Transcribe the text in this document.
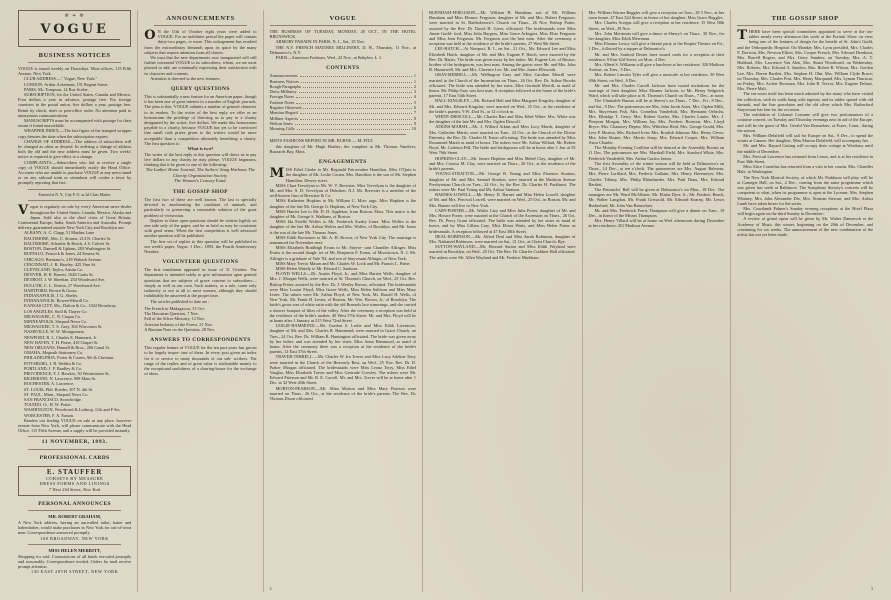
✻ ❧ ✻
VOGUE
BUSINESS NOTICES

VOGUE is issued weekly on Thursdays. Most offices, 115 Fifth Avenue, New York.

CLUB ADDRESS.—" Vogue, New York."

LONDON: Arthur Ackerman, 191 Regent Street.

PARIS: Mr. Tompson, 14 Rue Scribe.

SUBSCRIPTION, for the United States, Canada and Mexico, Four dollars a year in advance, postage free. For foreign countries in the postal union, five dollars a year, postage free. Remit by check, draft or post-office order. No attention paid to anonymous communications.

MANUSCRIPTS must be accompanied with postage for their return if found unavailable.

WRAPPER INDEX.—The last figure of the stamped wrapper copy denotes the time when the subscription expires.

CHANGE OF ADDRESS.—The address of subscribers will be changed as often as desired. In ordering a change of address both the old and the new address must be given. Two weeks' notice is required to give effect to a change.

COMPLAINTS.—Subscribers who fail to receive a single copy of VOGUE should immediately notify the Head Office. Accounts who are unable to purchase VOGUE at any news-stand or on any railroad train or steamboat will confer a favor by promptly reporting that fact.

Entered at N. Y., City P. O. as 2d Class Matter.

Vogue is regularly on sale by every American news-dealer throughout the United States, Canada, Mexico, Alaska and Japan. Sold also to the chief cities of Great Britain, Continental Europe, India, South America and Australia. Prompt delivery guaranteed outside New York City and Brooklyn are:

ALBANY, A. C. Clapp, 51 Maiden Lane.

BALTIMORE, Mrs. C. Strauss, 214 N. Charles St.

BALTIMORE, Schaefer & Reach, 4 S. Calvert St.

BOSTON, Damrell & Upham, 283 Washington St.

BUFFALO, Peacock & Jones, 24 Seneca St.

CHICAGO, Brentano's, 218 Wabash Avenue.

CINCINNATI, J. R. Hawley, 425 Vine St.

CLEVELAND, Taylor, Austin Co.

DENVER, H. R. Barrett, 1628 Curtis St.

DETROIT, J. W. Sheehan, 254 Woodward Ave.

DULUTH, C. L. Norton, 27 Woodward Ave.

HARTFORD, Brown & Gross.

INDIANAPOLIS, J. G. Abeles.

INDIANAPOLIS, Bowen-Merrill Co.

KANSAS CITY, Mo., Dalton & Co., 1042 Broadway.

LOS ANGELES, Stoll & Thayer Co.

MILWAUKEE, C. N. Caspar Co.

MINNEAPOLIS, Shepard News Co.

MILWAUKEE, T. S. Gray, 304 Wisconsin St.

NASHVILLE, W. W. Montgomery.

NEWPORT, R. I., Charles E. Hammett, Jr.

NEW HAVEN, T. H. Pease, 410 Chapel St.

NEW ORLEANS, Hansell & Bros., 206 Canal St.

OMAHA, Megeath Stationery Co.

PHILADELPHIA, Porter & Coates, 9th & Chestnut.

PITTSBURG, J. R. Weldin & Co.

PORTLAND, J. F. Bradley & Co.

PROVIDENCE, F. J. Hawkes, 50 Westminster St.

RICHMOND, N. Lawrence, 908 Main St.

ROCHESTER, A. Lawrence.

ST. LOUIS, Phil. Roeder, 307 N. 4th St.

ST. PAUL, Minn., Shepard News Co.

SAN FRANCISCO, Strawbridge.

TOLEDO, O., H. W. Potter.

WASHINGTON, Woodward & Lothrop, 11th and F Sts.

WORCESTER, F. A. Easton.

Readers not finding VOGUE on sale at any place, however remote from New York, will please communicate with the Head Office, 115 Fifth Avenue, and a supply will be provided instantly.

11 NOVEMBER, 1893.

PROFESSIONAL CARDS

E. STAUFFER

CORSETS BY MEASURE

DRESS FORMS AND LININGS

7 West 23d Street, New York

PERSONAL ANNOUNCES

MR. ROBERT GRAHAM,

A New York address, having an unrivalled tailor, hatter and haberdasher, would make purchases in New York for out-of-town men. Correspondence answered promptly.

168 BROADWAY, NEW YORK

MISS HELEN MERRITT,

Shopping for said. Commissions of all kinds executed promptly and reasonably. Correspondence invited. Orders by mail receive prompt attention.

130 EAST 28TH STREET, NEW YORK

ANNOUNCEMENTS

ON the 11th of October eight years were added to VOGUE. For an indefinite period the paper will contain thirty-two pages, or more. This enlargement has resulted from the extraordinary demands upon its space by the many subjects that require attention from all classes.

We trust that the new departments now inaugurated will still further commend VOGUE to its subscribers, whom, we are most pleased to add, are continually expressing their satisfaction with its character and contents.

Attention is directed to the new features:

QUERY QUESTIONS

This is substantially a new feature for an American paper, though it has been one of great interest in a number of English journals. The plan is this: VOGUE submits a number of general character to its readers. To the writer of the best reply we offer as an honorarium the privilege of directing us to pay to a charity designated by the writer, five dollars. We make this honorarium payable to a charity, because VOGUE has yet to be convinced that small cash prizes given to the writers would be more acceptable than a competition ultimately benefiting a charity. The first question is:

What is two?

The writer of the best reply to this question will direct us to pay five dollars to any charity he may please. VOGUE beginners, thinking that it be given to one of the following:

The Ladies' Home Journal, The Sailors' Snug Harbour, The Charity Organization Society.

The Woman's Century Fund.

THE GOSSIP SHOP

The first two of these are well known. The last is specially devoted to ameliorating the condition of animals, and particularly to preserving a reasonable solution of the great problem of vivisection.

Replies to these open questions should be written legibly on one side only of the paper, and be as brief as may be consistent with good sense. When the first competition is well advanced another question will be published.

The first set of replies to this question will be published in our week's paper, Vogue, 1 Dec., 1893, the Fourth Anniversary Number.

VOLUNTEER QUESTIONS

The first instalment appeared in issue of 31 October. The department is intended solely to give information upon general questions that are subjects of grave concern to subscribers—simply as well as our own. Such matters, as a rule, come only indirectly or not at all to most women, although they should indubitably be answered at the proper time.

The articles published to date are :

The French in Madagascar, 31 Oct.
The Hawaiian Question, 7 Nov.
Fall of the Silver Minority, 14 Nov.
Artesian Industry of the Forest, 21 Nov.
A Russian Note on the Question, 28 Nov.
ANSWERS TO CORRESPONDENTS

This regular feature of VOGUE for the ten past years has grown to be largely impor- tant of them. In every post given an index for it or service to many thousands of our sub- scribers. The range of the replies and of great value is attributable mainly to the exceptional usefulness of a clearing-house for the exchange of ideas.

VOGUE

THE BUSINESS OF TUESDAY, MONDAY, 20 OCT., IN THE HOTEL BRUNSWICK.

ARMORY PARADE IN PARIS, N. J., Sat., 25 Nov.

THE N.Y. FRENCH MATINEE MILLINERY, D. H., Thursday, 11 Nov., at Delmonico's, N.Y.

PARIS—American Fashions, Wed., 22 Nov., at Babylon, L. I.

CONTENTS
Announcements	1
Business Notices	1
Rough Paragraphs	2
Dress Millinery	3
Foreign Notes	4
Fashion Notes	5
Register Observed	6
Mention Regard	7
Milliner Aspects	8
Welton Jones	9
Morning Calls	10

MEN'S FASHIONS REPORT IN MR. BURNS — M. FITZ.

this daughter of Mr. Hugh Hartley; the complete at Mr. Thomas Vandiver, Buzzards Bay, Mass.

ENGAGEMENTS

MISS Ethel Clarke to Mr. Reginald Fairweather Hamilton. Miss O'Quin is the daughter of Mr. Leslie Coram, Mrs. Hamilton is the son of Mr. Stephen Hamilton, Dewey street.

MISS Clara Trevelyan to Mr. W. V. Brewster. Miss Trevelyan is the daughter of Mr. and Mrs. S. D. Trevelyan of Hoboken, N.J. Mr. Brewster is a member of the well-known firm of Brewster & Co.

MISS Katherine Hopkins to Mr. William C. Mon- tagu. Miss Hopkins is the daughter of the late Mr. George G. Hopkins, of New York City.

MISS Harriet Lee to Mr. D. D. Appleton, from Boston, Mass. This notice is the daughter of Mr. George S. Wadham, of Boston.

MISS Ida Estelle Wolfes to Mr. Frederick Swaby Jones. Miss Wolfes is the daughter of the late Mr. Arthur Wolfes and Mrs. Wolfes, of Brooklyn, and Mr. Jones is the son of the late Mr. Thomas Jones.

MISS Edith Brownson to Mr. A. H. Brown, of New York City. The marriage is announced for November next.

MISS Elizabeth Bradleigh Evans to Mr. Stuyve- sant Chandler Alfinger. Miss Evans is the second daugh- ter of Mr. Benjamin F. Evans, of Morristown, N. J. Mr. Alfinger is a graduate of Yale '84, and son of Stuyvesant Alfinger, of New York.

MISS Mary Trevor Mason and Mr. Charles W. Look and Mr. Francis L. Paine.

MISS Helen Wakely to Mr. Edward C. Sanborn.

FLOYD WELLS.—Dr. Austin Floyd, Jr., and Miss Harriet Wells, daughter of Mrs. J. Morgan Wells, were married at St. Thomas's Church, on Wed., 25 Oct. Rev. Bishop Potter, assisted by the Rev. Dr. J. Wesley Brown, officiated. The bridesmaids were Miss Louise Floyd, Miss Grace Wells, Miss Helen Sullivan and Miss Mary Lister. The ushers were Mr. Arthur Floyd, of New York, Mr. Harold H. Wells, of New York, Mr. Frank H. Lester, of Boston, Mr. Wm. Brown, Jr., of Brooklyn. The bride's gown was of white satin with the old Brussels lace trimmings, and she carried a shower bouquet of lilies of the valley. After the ceremony a reception was held at the residence of the bride's mother, 40 West 57th Street. Mr. and Mrs. Floyd will be at home after 1 January at 215 West 72nd Street.

LESLIE-HAMMOND.—Mr. Gordon S. Leslie and Miss Edith Livermore, daughter of Mr. and Mrs. Charles R. Hammond, were married in Grace Church, on Tues., 24 Oct. Rev. Dr. William R. Huntington officiated. The bride was given away by her father, and was attended by her sister, Miss Anna Hammond, as maid of honor. After the ceremony there was a reception at the residence of the bride's parents, 12 East 37th Street.

TRAVER-TERRELL.—Mr. Charles W. Ira Traver and Miss Lucy Adeline Terry were married in the Church of the Heavenly Rest, on Wed., 25 Nov. Rev. Dr. D. Parker Morgan officiated. The bridesmaids were Miss Leona Terry, Miss Ethel Vaughn, Miss Elizabeth Traver and Miss Gertrude Crowley. The ushers were Mr. Edward Paterson and Mr. R. E. Carroll. Mr. and Mrs. Traver will be at home after 1 Dec. at 32 West 45th Street.

MORTON-PEARSON.—Mr. Allan Morton and Miss Mary Pearson were married on Thurs., 26 Oct., at the residence of the bride's parents. The Rev. Dr. Thomas Dixon officiated.

2

BURNHAM-FERGUSON.—Mr. William H. Burnham, son of Mr. William Burnham and Miss Eleanor Ferguson, daughter of Mr. and Mrs. Robert Ferguson, were married in St. Bartholomew's Church on Thurs., 26 Nov. Bishop Potter, assisted by the Rev. Dr. David H. Greer, officiated. The bridesmaids were Miss Annie Guild- ford, Miss Julia Burgess, Miss Grace Arbogast, Miss Elsie Ferguson and Miss Jean Ferguson. Mr. Ferguson was the best man. After the ceremony a reception was held at the residence of the bride's parents, 27 West 9th Street.

LEE-HATCH.—At Newport, R. I., on Sat., 21 Oct., Mr. Edward Lee and Miss Elizabeth Hatch, daughter of Mr. and Mrs. Eugene P. Hatch, were married by the Rev. Dr. Harris. The bride was given away by her father. Mr. Eugene Lee, of Boston, brother of the bridegroom, was best man. Among the guests were Mr. and Mrs. John B. Hunnewell, Mr. and Mrs. Clarence Lee, Mr. and Mrs. James Ellsworth.

GRAY-MERRILL.—Mr. Wellington Gray and Miss Caroline Merrill were married in the Church of the Incarnation on Thurs., 26 Oct. Rev. Dr. Arthur Brooks officiated. The bride was attended by her sister, Miss Gertrude Merrill, as maid of honor. Mr. Philip Gray was best man. A reception followed at the home of the bride's parents, 17 East 54th Street.

HALL-KINGSLEY.—Mr. Richard Hall and Miss Margaret Kingsley, daughter of Mr. and Mrs. Edward Kingsley, were married on Wed., 25 Oct., at the residence of the bride's parents, 9 W. 43rd St., at 12 o'clock m.

WHITE-DRISCOLL.—Mr. Charles Bart and Miss Ethel White. Mrs. White was the daughter of the late Mr. and Mrs. Ogden Driscoll.

ATKINS-MARSH.—Mr. J. Willard Atkins and Miss Lucy Marsh, daughter of Mrs. Catherine Marsh, were married on Tues., 24 Oct., at the Church of the Divine Paternity, the Rev. Dr. Charles H. Eaton officiating. The bride was attended by Miss Rosamond Marsh as maid of honor. The ushers were Mr. Arthur Willard, Mr. Robert Boyd, Mr. Carleton Pell. The bride and bridegroom will be at home after 1 Jan. at 55 West 76th Street.

HOPKINS-CLAY.—Mr. James Hopkins and Miss Mabel Clay, daughter of Mr. and Mrs. Cassius M. Clay, were married on Thurs., 26 Oct., at the residence of the bride's parents.

YOUNG-STRATTON.—Mr. George B. Young and Miss Florence Stratton, daughter of Mr. and Mrs. Samuel Stratton, were married at the Madison Avenue Presbyterian Church on Tues., 24 Oct., by the Rev. Dr. Charles H. Parkhurst. The ushers were Mr. Paul Young and Mr. Arthur Stratton.

BARNES-LOWELL.—Mr. Henry D. Barnes and Miss Helen Lowell, daughter of Mr. and Mrs. Percival Lowell, were married on Wed., 25 Oct., in Boston. Mr. and Mrs. Barnes will live in New York.

CARY-PORTER.—Mr. Walter Cary and Miss Julia Porter, daughter of Mr. and Mrs. Horace Porter, were married at the Church of the Ascension on Thurs., 26 Oct. Rev. Dr. Percy Grant officiated. The bride was attended by her sister as maid of honor, and by Miss Lillian Cary, Miss Elinor Watts, and Miss Helen Porter as bridesmaids. A reception followed at 47 East 38th Street.

DEAL-ROBINSON.—Mr. Alfred Deal and Miss Sarah Robinson, daughter of Mrs. Nathaniel Robinson, were married on Sat., 21 Oct., at Christ Church, Rye.

SUTTON-WAYLAND.—Mr. Howard Sutton and Miss Edith Wayland were married in Brooklyn, on Wed., 25 Oct. The Rev. Dr. Charles Cuthbert Hall officiated. The ushers were Mr. Allen Wayland and Mr. Frederic Markham.

Mrs. William Warner Ruggles will give a reception on Tues., 28 5 Nov., at her town house, 47 East 52d Street, in honor of her daughter, Miss Grace Ruggles.

Mrs. Charles Scripps will give a reception at her residence, 15 West 58th Street, on Wed., 29 Nov.

Mrs. John Merriman will give a dance at Sherry's on Thurs., 30 Nov., for her daughter, Miss Edith Merriman.

Miss Eleanor Lowry will give a theatre party at the Empire Theatre on Fri., 1 Dec., followed by a supper at Delmonico's.

Mr. and Mrs. Sanford Dexter have issued cards for a reception at their residence, 9 East 62d Street, on Mon., 4 Dec.

Mrs. Albert S. Williams will give a luncheon at her residence, 320 Madison Avenue, on Tues., 5 Dec.

Mrs. Robert Lincoln Tyler will give a musicale at her residence, 30 West 49th Street, on Wed., 6 Dec.

Mr. and Mrs. Charles Carroll Jackson have issued invitations for the marriage of their daughter, Miss Eleanor Jackson, to Mr. Henry Sedgwick Ward, which will take place at St. Thomas's Church on Thurs., 7 Dec., at noon.

The Charitable Bazaar will be at Sherry's on Thurs., 7 Dec., Fri., 8 Dec., and Sat., 9 Dec. The patronesses are Mrs. John Jacob Astor, Mrs. Ogden Mills, Mrs. Stuyvesant Fish, Mrs. Cornelius Vanderbilt, Mrs. Hermann Oelrichs, Mrs. Elbridge T. Gerry, Mrs. Robert Goelet, Mrs. Charles Lanier, Mrs. J. Pierpont Morgan, Mrs. William Jay, Mrs. Frederic Bronson, Mrs. Lloyd Bryce, Mrs. Chauncey Depew, Mrs. Whitelaw Reid, Mrs. George Gould, Mrs. Levi P. Morton, Mrs. Richard Irvin, Mrs. Bradish Johnson, Mrs. Henry Clews, Mrs. John Sloane, Mrs. Morris Jesup, Mrs. Edward Cooper, Mrs. William Astor Chanler.

The Monday Evening Cotillion will be danced at the Assembly Rooms on 11 Dec. The patronesses are Mrs. Marshall Field, Mrs. Stanford White, Mrs. Frederick Vanderbilt, Mrs. Arthur Curtiss James.

The first Assembly of the winter season will be held at Delmonico's on Thurs., 14 Dec., at ten o'clock. The patronesses are Mrs. August Belmont, Mrs. Pierre Lorillard, Mrs. Frederic Gallatin, Mrs. Henry Havemeyer, Mrs. Charles Tiffany, Mrs. Philip Rhinelander, Mrs. Paul Dana, Mrs. Edward Bartlett.

The Patriarchs' Ball will be given at Delmonico's on Mon., 18 Dec. The managers are Mr. Ward McAllister, Mr. Elisha Dyer, Jr., Mr. Frederic Beach, Mr. Walter Langdon, Mr. Frank Griswold, Mr. Edward Kearny, Mr. Lewis Rutherfurd, Mr. John Van Rensselaer.

Mr. and Mrs. Frederick Ferris Thompson will give a dinner on Tues., 19 Dec., in honor of the Misses Thompson.

Mrs. Henry Villard will be at home on Wed. afternoons during December at her residence, 451 Madison Avenue.

THE GOSSIP SHOP

THERE have been special committees appointed to serve at the tea-tables nearly every afternoon this week at the Portrait Show on view being one of the features of design for the benefit of St. John's Guild, and the Orthopaedic Hospital. On Monday Mrs. Lyon presided, Mrs. Charles F. Davison, Mrs. Newton Elliott, Mrs. Cooper French, Mrs. Edward Dearborn, Mrs. Burrell Rogers, and Mrs. Gerry Sanders; on Tuesday, Mrs. A. T. Hubbard, Mrs. Lawrence Van Alen, Mrs. Stuart Woodward; on Wednesday, Mrs. Roberts, Mrs. Edward A. Sanders, Mrs. Robert B. Wilson, Mrs. Gordon Lee, Mrs. Haven Bartlett, Mrs. Stephen H. Olin, Mrs. William Clyde Bruce; on Thursday, Mrs. Charles Post, Mrs. Henry Marquand, Mrs. Lyman Thurston; on Friday, Mrs. Archer Bowman, Mrs. John B. Trevor, Mrs. Eugene Delano, Mrs. Pierre Mali.

The tea-room itself has been much admired by the many who have visited the collection, with its walls hung with tapestry and its tables spread with old damask, and the fine porcelains and the old silver which Mrs. Rutherfurd Stuyvesant has lent for the occasion.

The exhibition of Colonial Costume will give two performances of a costume concert, on Tuesday and Thursday evenings next in aid of the Europe, and will be the guest of Mrs. Gerald Van Rensselaer, at Essex, Conn., during the season.

Mrs. William Delafield will sail for Europe on Sat., 9 Dec., to spend the winter at Cannes. Her daughter, Miss Marion Delafield, will accompany her.

Mr. and Mrs. Bayard Cutting will occupy their cottage at Westbury until the middle of December.

Mrs. Prescott Lawrence has returned from Lenox, and is at her residence in East 36th Street.

Miss Alice Cornelius has returned from a visit to her cousin, Mrs. Chandler Hale, in Washington.

The New York Musical Society, of which Mr. Parkhurst will play, will be at Carnegie Hall, on Sat., 2 Dec., coming from the same programme which was given last week at Baltimore. The Symphony Society's concerts will be competent to what, when its programme is open at the Lyceum; Mrs. Stephen Whitney, Mrs. John Alexander Dix, Mrs. Norman Stewart, and Mrs. Arthur Lamb have taken boxes for the series.

Mrs. Courtlandt Palmer's Sunday evening receptions at the Hotel Plaza will begin again on the third Sunday in December.

A review of grand opera will be given by Mr. Walter Damrosch at the Academy of Music this winter, beginning on the 20th of December, and continuing for six weeks. The announcement of the new combination of the artists has not yet been made.

3
